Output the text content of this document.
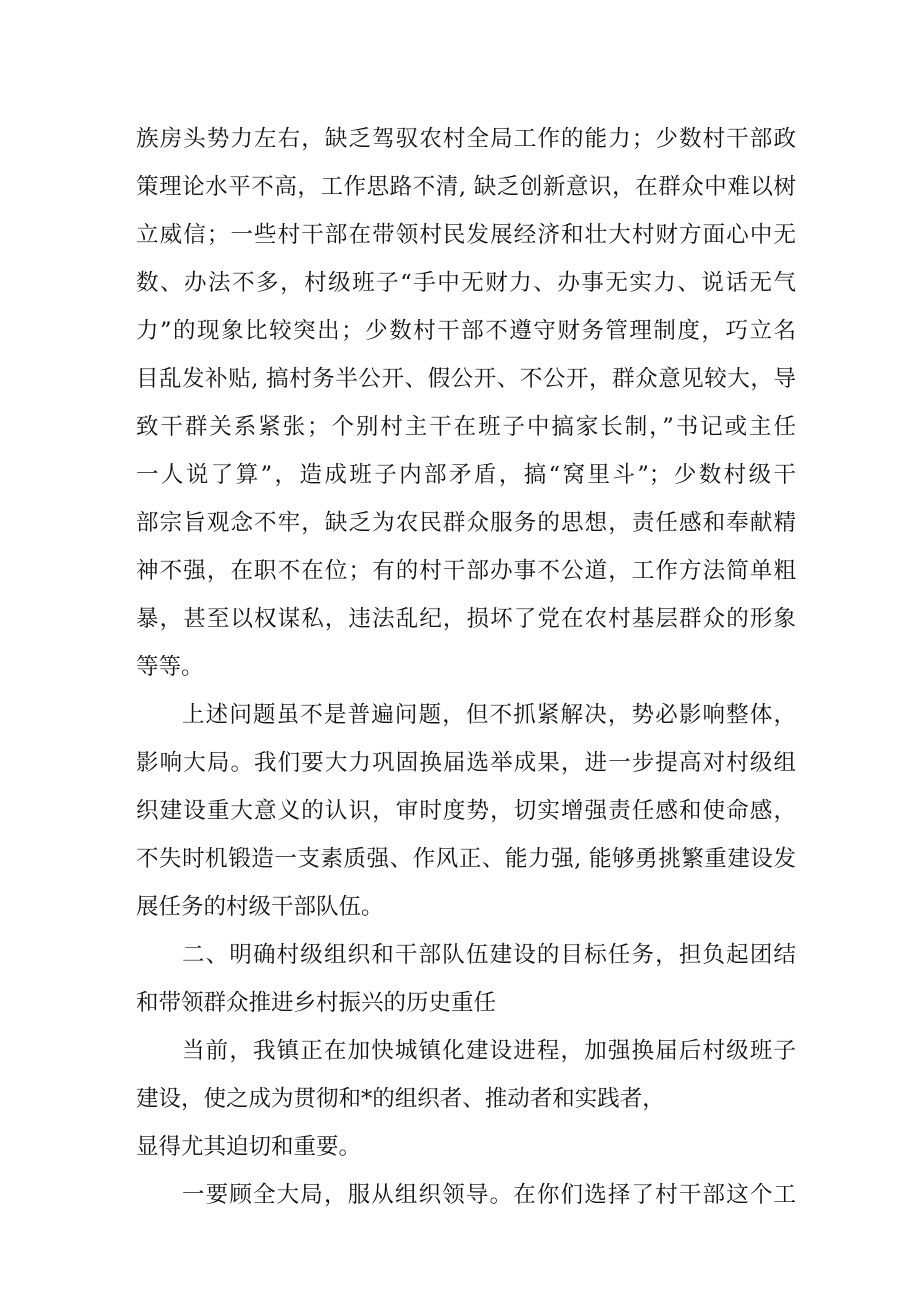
族房头势力左右，缺乏驾驭农村全局工作的能力；少数村干部政
策理论水平不高，工作思路不清, 缺乏创新意识，在群众中难以树
立威信；一些村干部在带领村民发展经济和壮大村财方面心中无
数、办法不多，村级班子“手中无财力、办事无实力、说话无气
力”的现象比较突出；少数村干部不遵守财务管理制度，巧立名
目乱发补贴, 搞村务半公开、假公开、不公开，群众意见较大，导
致干群关系紧张；个别村主干在班子中搞家长制，”书记或主任
一人说了算”，造成班子内部矛盾，搞“窝里斗”；少数村级干
部宗旨观念不牢，缺乏为农民群众服务的思想，责任感和奉献精
神不强，在职不在位；有的村干部办事不公道，工作方法简单粗
暴，甚至以权谋私，违法乱纪，损坏了党在农村基层群众的形象
等等。
上述问题虽不是普遍问题，但不抓紧解决，势必影响整体，
影响大局。我们要大力巩固换届选举成果，进一步提高对村级组
织建设重大意义的认识，审时度势，切实增强责任感和使命感，
不失时机锻造一支素质强、作风正、能力强, 能够勇挑繁重建设发
展任务的村级干部队伍。
二、明确村级组织和干部队伍建设的目标任务，担负起团结
和带领群众推进乡村振兴的历史重任
当前，我镇正在加快城镇化建设进程，加强换届后村级班子
建设，使之成为贯彻和*的组织者、推动者和实践者，
显得尤其迫切和重要。
一要顾全大局，服从组织领导。在你们选择了村干部这个工
